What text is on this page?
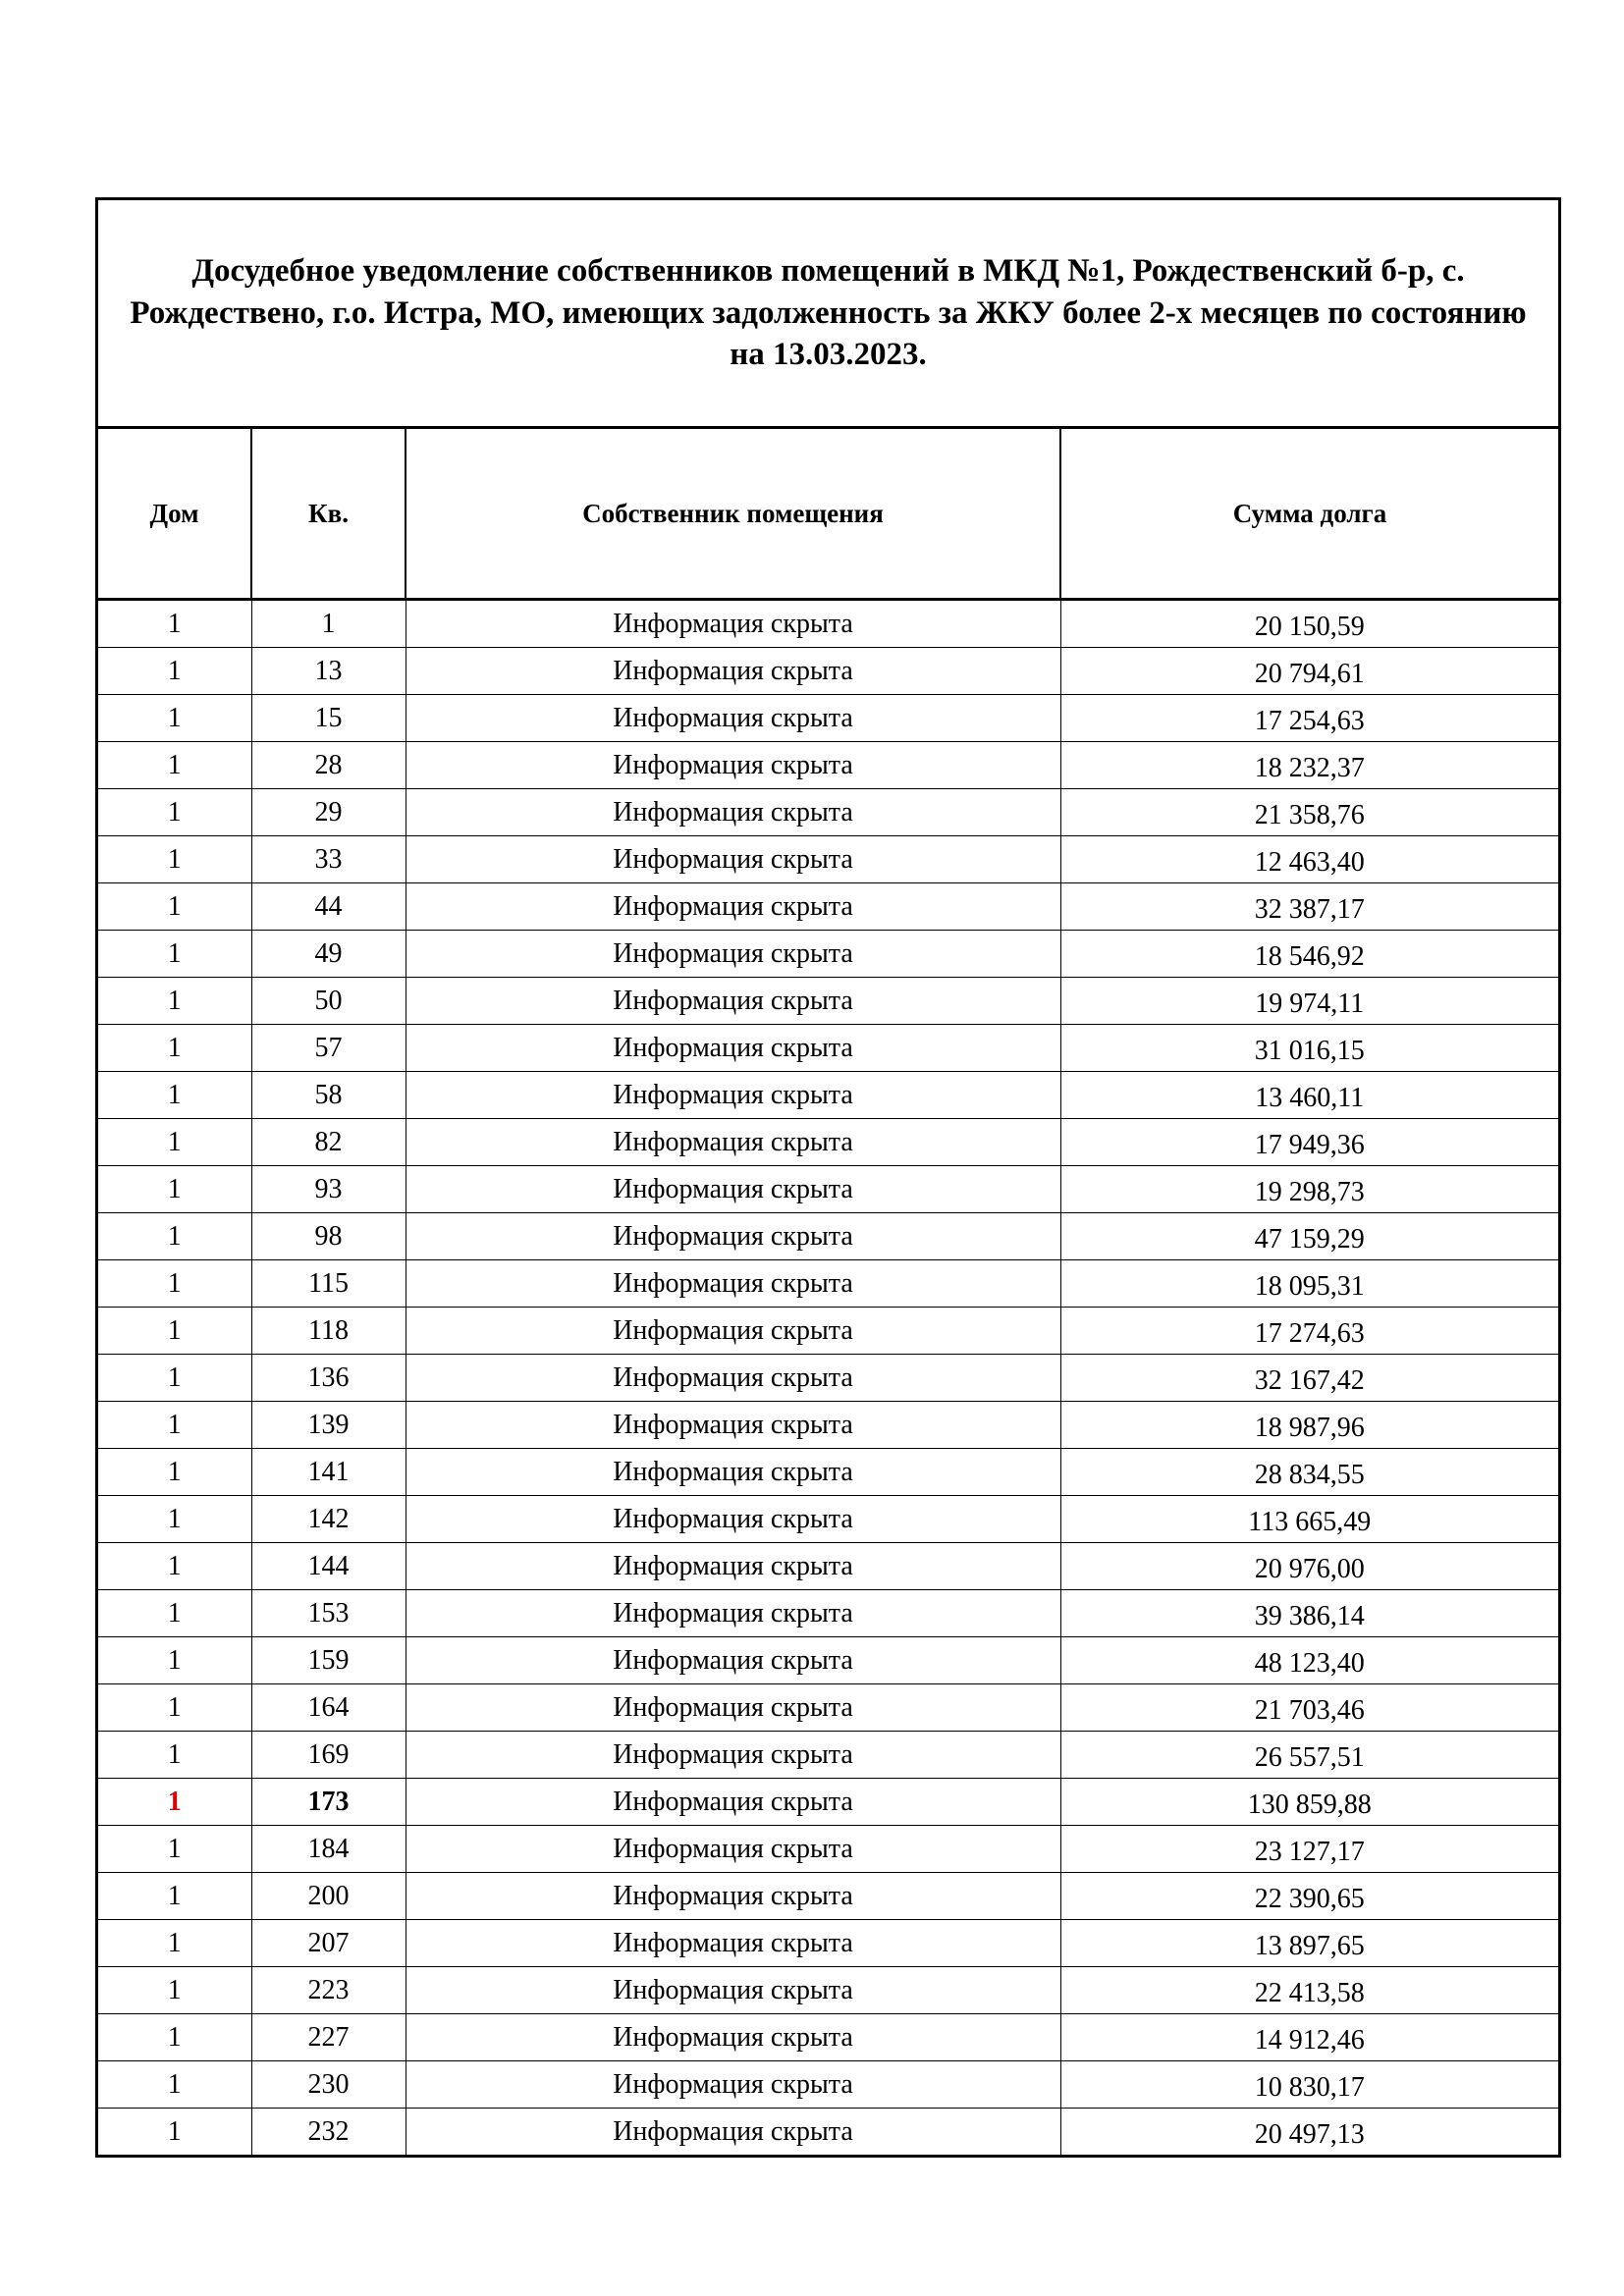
Досудебное уведомление собственников помещений в МКД №1, Рождественский б-р, с. Рождествено, г.о. Истра, МО, имеющих задолженность за ЖКУ более 2-х месяцев по состоянию на 13.03.2023.

Дом	Кв.	Собственник помещения	Сумма долга
1	1	Информация скрыта	20 150,59
1	13	Информация скрыта	20 794,61
1	15	Информация скрыта	17 254,63
1	28	Информация скрыта	18 232,37
1	29	Информация скрыта	21 358,76
1	33	Информация скрыта	12 463,40
1	44	Информация скрыта	32 387,17
1	49	Информация скрыта	18 546,92
1	50	Информация скрыта	19 974,11
1	57	Информация скрыта	31 016,15
1	58	Информация скрыта	13 460,11
1	82	Информация скрыта	17 949,36
1	93	Информация скрыта	19 298,73
1	98	Информация скрыта	47 159,29
1	115	Информация скрыта	18 095,31
1	118	Информация скрыта	17 274,63
1	136	Информация скрыта	32 167,42
1	139	Информация скрыта	18 987,96
1	141	Информация скрыта	28 834,55
1	142	Информация скрыта	113 665,49
1	144	Информация скрыта	20 976,00
1	153	Информация скрыта	39 386,14
1	159	Информация скрыта	48 123,40
1	164	Информация скрыта	21 703,46
1	169	Информация скрыта	26 557,51
1	173	Информация скрыта	130 859,88
1	184	Информация скрыта	23 127,17
1	200	Информация скрыта	22 390,65
1	207	Информация скрыта	13 897,65
1	223	Информация скрыта	22 413,58
1	227	Информация скрыта	14 912,46
1	230	Информация скрыта	10 830,17
1	232	Информация скрыта	20 497,13
